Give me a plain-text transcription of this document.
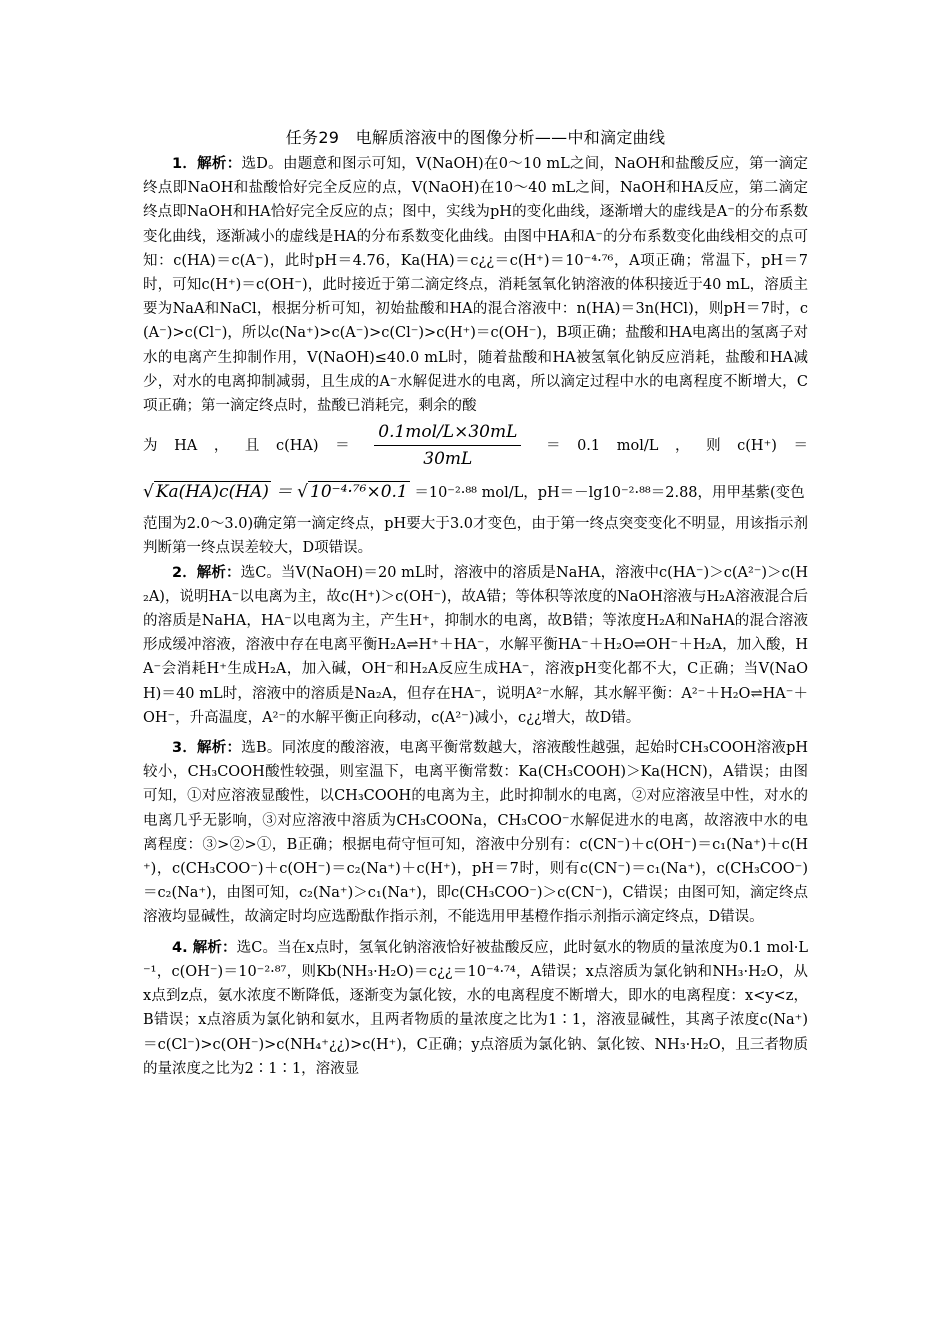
任务29　电解质溶液中的图像分析——中和滴定曲线

1．解析：选D。由题意和图示可知，V(NaOH)在0～10 mL之间，NaOH和盐酸反应，第一滴定终点即NaOH和盐酸恰好完全反应的点，V(NaOH)在10～40 mL之间，NaOH和HA反应，第二滴定终点即NaOH和HA恰好完全反应的点；图中，实线为pH的变化曲线，逐渐增大的虚线是A⁻的分布系数变化曲线，逐渐减小的虚线是HA的分布系数变化曲线。由图中HA和A⁻的分布系数变化曲线相交的点可知：c(HA)＝c(A⁻)，此时pH＝4.76，Ka(HA)＝c¿¿＝c(H⁺)＝10⁻⁴·⁷⁶，A项正确；常温下，pH＝7时，可知c(H⁺)＝c(OH⁻)，此时接近于第二滴定终点，消耗氢氧化钠溶液的体积接近于40 mL，溶质主要为NaA和NaCl，根据分析可知，初始盐酸和HA的混合溶液中：n(HA)＝3n(HCl)，则pH＝7时，c(A⁻)>c(Cl⁻)，所以c(Na⁺)>c(A⁻)>c(Cl⁻)>c(H⁺)＝c(OH⁻)，B项正确；盐酸和HA电离出的氢离子对水的电离产生抑制作用，V(NaOH)≤40.0 mL时，随着盐酸和HA被氢氧化钠反应消耗，盐酸和HA减少，对水的电离抑制减弱，且生成的A⁻水解促进水的电离，所以滴定过程中水的电离程度不断增大，C项正确；第一滴定终点时，盐酸已消耗完，剩余的酸

为 HA ， 且 $c(HA) = \frac{\text{0.1mol/L×30mL}}{30mL} = 0.1$ mol/L ， 则 c(H⁺) ＝
√ Ka(HA)c(HA) ＝ √ 10⁻⁴·⁷⁶×0.1 ＝10⁻²·⁸⁸ mol/L，pH＝－lg10⁻²·⁸⁸＝2.88，用甲基紫(变色

范围为2.0～3.0)确定第一滴定终点，pH要大于3.0才变色，由于第一终点突变变化不明显，用该指示剂判断第一终点误差较大，D项错误。

2．解析：选C。当V(NaOH)＝20 mL时，溶液中的溶质是NaHA，溶液中c(HA⁻)＞c(A²⁻)＞c(H₂A)，说明HA⁻以电离为主，故c(H⁺)＞c(OH⁻)，故A错；等体积等浓度的NaOH溶液与H₂A溶液混合后的溶质是NaHA，HA⁻以电离为主，产生H⁺，抑制水的电离，故B错；等浓度H₂A和NaHA的混合溶液形成缓冲溶液，溶液中存在电离平衡H₂A⇌H⁺＋HA⁻，水解平衡HA⁻＋H₂O⇌OH⁻＋H₂A，加入酸，HA⁻会消耗H⁺生成H₂A，加入碱，OH⁻和H₂A反应生成HA⁻，溶液pH变化都不大，C正确；当V(NaOH)＝40 mL时，溶液中的溶质是Na₂A，但存在HA⁻，说明A²⁻水解，其水解平衡：A²⁻＋H₂O⇌HA⁻＋OH⁻，升高温度，A²⁻的水解平衡正向移动，c(A²⁻)减小，c¿¿增大，故D错。

3．解析：选B。同浓度的酸溶液，电离平衡常数越大，溶液酸性越强，起始时CH₃COOH溶液pH较小，CH₃COOH酸性较强，则室温下，电离平衡常数：Ka(CH₃COOH)＞Ka(HCN)，A错误；由图可知，①对应溶液显酸性，以CH₃COOH的电离为主，此时抑制水的电离，②对应溶液呈中性，对水的电离几乎无影响，③对应溶液中溶质为CH₃COONa，CH₃COO⁻水解促进水的电离，故溶液中水的电离程度：③>②>①，B正确；根据电荷守恒可知，溶液中分别有：c(CN⁻)＋c(OH⁻)＝c₁(Na⁺)＋c(H⁺)，c(CH₃COO⁻)＋c(OH⁻)＝c₂(Na⁺)＋c(H⁺)，pH＝7时，则有c(CN⁻)＝c₁(Na⁺)，c(CH₃COO⁻)＝c₂(Na⁺)，由图可知，c₂(Na⁺)＞c₁(Na⁺)，即c(CH₃COO⁻)＞c(CN⁻)，C错误；由图可知，滴定终点溶液均显碱性，故滴定时均应选酚酞作指示剂，不能选用甲基橙作指示剂指示滴定终点，D错误。

4. 解析：选C。当在x点时，氢氧化钠溶液恰好被盐酸反应，此时氨水的物质的量浓度为0.1 mol·L⁻¹，c(OH⁻)＝10⁻²·⁸⁷，则Kb(NH₃·H₂O)＝c¿¿＝10⁻⁴·⁷⁴，A错误；x点溶质为氯化钠和NH₃·H₂O，从x点到z点，氨水浓度不断降低，逐渐变为氯化铵，水的电离程度不断增大，即水的电离程度：x<y<z，B错误；x点溶质为氯化钠和氨水，且两者物质的量浓度之比为1∶1，溶液显碱性，其离子浓度c(Na⁺)＝c(Cl⁻)>c(OH⁻)>c(NH₄⁺¿¿)>c(H⁺)，C正确；y点溶质为氯化钠、氯化铵、NH₃·H₂O，且三者物质的量浓度之比为2∶1∶1，溶液显
